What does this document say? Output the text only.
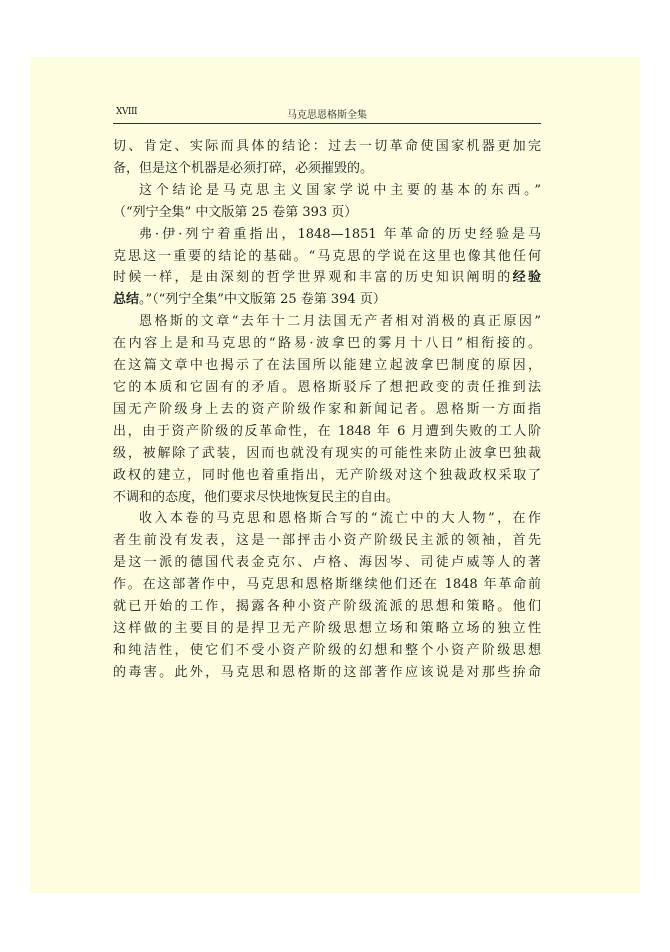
XVIII	马克思恩格斯全集

切、肯定、实际而具体的结论：过去一切革命使国家机器更加完

备，但是这个机器是必须打碎，必须摧毁的。

这个结论是马克思主义国家学说中主要的基本的东西。”

（“列宁全集” 中文版第 25 卷第 393 页）

弗·伊·列宁着重指出，1848—1851 年革命的历史经验是马

克思这一重要的结论的基础。“马克思的学说在这里也像其他任何

时候一样，是由深刻的哲学世界观和丰富的历史知识阐明的经验

总结。”（“列宁全集”中文版第 25 卷第 394 页）

恩格斯的文章“去年十二月法国无产者相对消极的真正原因”

在内容上是和马克思的“路易·波拿巴的雾月十八日”相衔接的。

在这篇文章中也揭示了在法国所以能建立起波拿巴制度的原因，

它的本质和它固有的矛盾。恩格斯驳斥了想把政变的责任推到法

国无产阶级身上去的资产阶级作家和新闻记者。恩格斯一方面指

出，由于资产阶级的反革命性，在 1848 年 6 月遭到失败的工人阶

级，被解除了武装，因而也就没有现实的可能性来防止波拿巴独裁

政权的建立，同时他也着重指出，无产阶级对这个独裁政权采取了

不调和的态度，他们要求尽快地恢复民主的自由。

收入本卷的马克思和恩格斯合写的“流亡中的大人物”，在作

者生前没有发表，这是一部抨击小资产阶级民主派的领袖，首先

是这一派的德国代表金克尔、卢格、海因岑、司徒卢威等人的著

作。在这部著作中，马克思和恩格斯继续他们还在 1848 年革命前

就已开始的工作，揭露各种小资产阶级流派的思想和策略。他们

这样做的主要目的是捍卫无产阶级思想立场和策略立场的独立性

和纯洁性，使它们不受小资产阶级的幻想和整个小资产阶级思想

的毒害。此外，马克思和恩格斯的这部著作应该说是对那些拚命
